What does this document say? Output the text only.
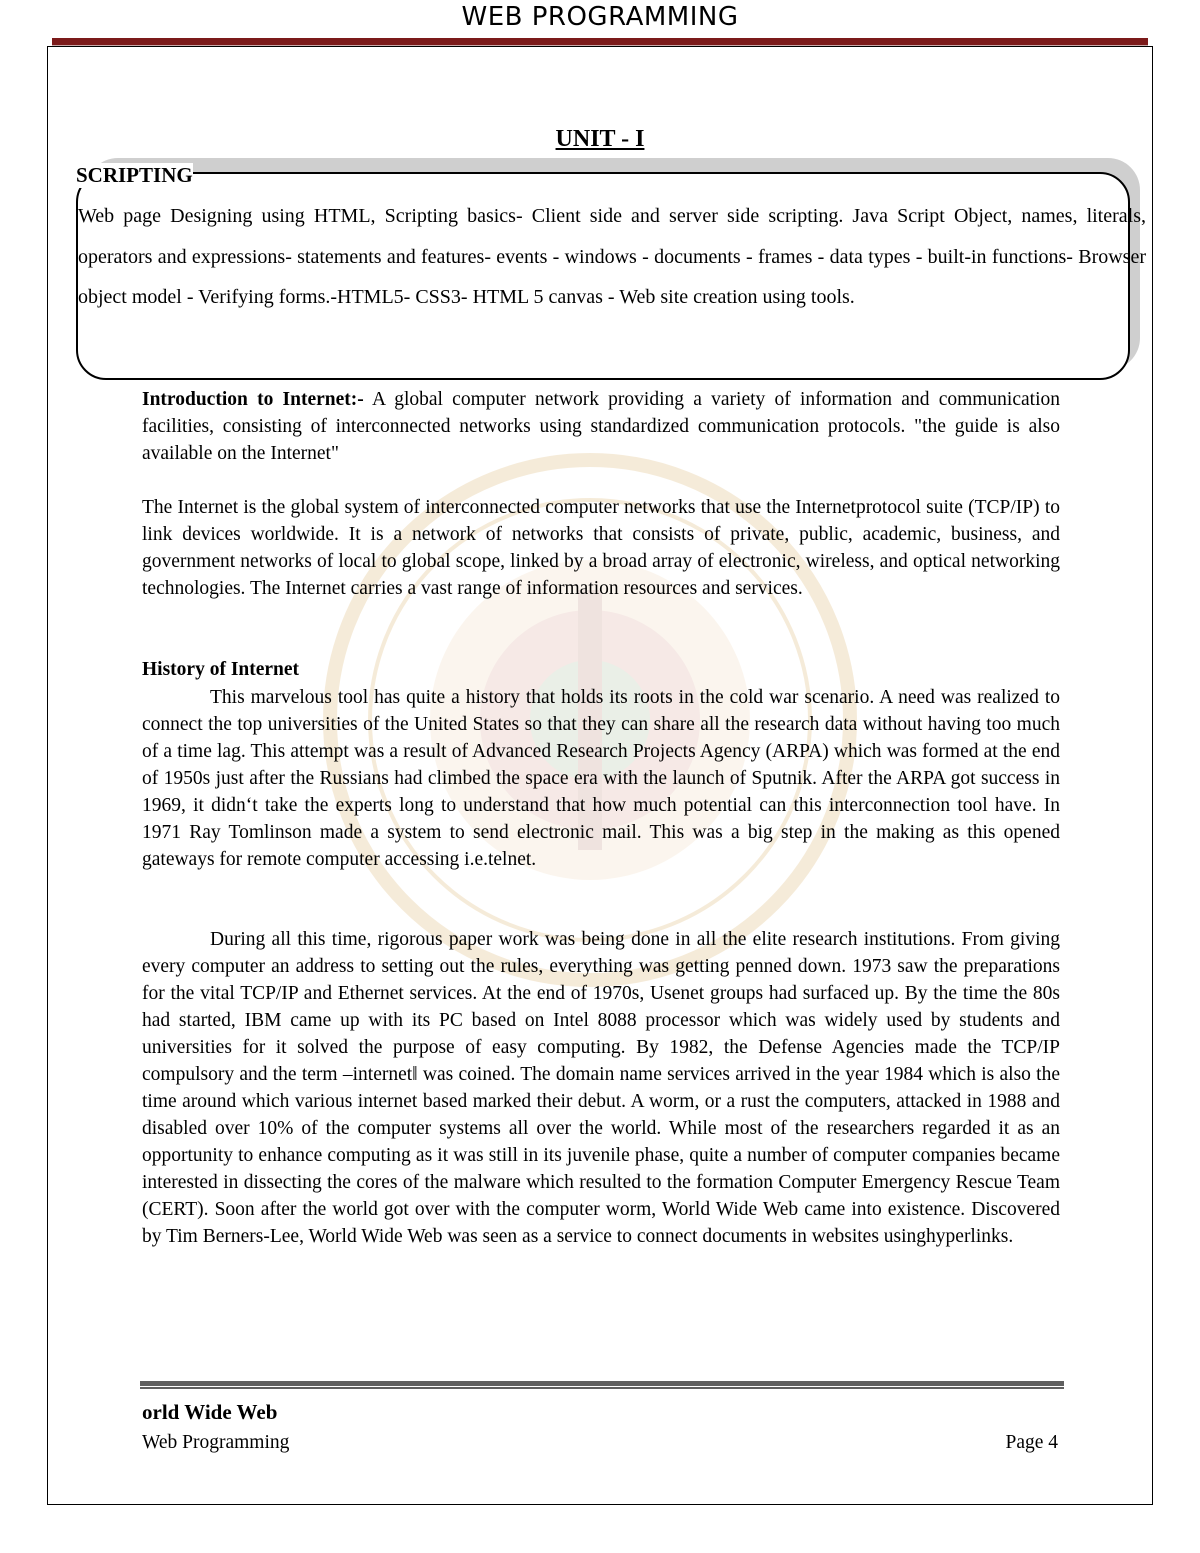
WEB PROGRAMMING
UNIT - I
SCRIPTING
Web page Designing using HTML, Scripting basics- Client side and server side scripting. Java Script Object, names, literals, operators and expressions- statements and features- events - windows - documents - frames - data types - built-in functions- Browser object model - Verifying forms.-HTML5- CSS3- HTML 5 canvas - Web site creation using tools.

Introduction to Internet:- A global computer network providing a variety of information and communication facilities, consisting of interconnected networks using standardized communication protocols. "the guide is also available on the Internet"

The Internet is the global system of interconnected computer networks that use the Internetprotocol suite (TCP/IP) to link devices worldwide. It is a network of networks that consists of private, public, academic, business, and government networks of local to global scope, linked by a broad array of electronic, wireless, and optical networking technologies. The Internet carries a vast range of information resources and services.

History of Internet

This marvelous tool has quite a history that holds its roots in the cold war scenario. A need was realized to connect the top universities of the United States so that they can share all the research data without having too much of a time lag. This attempt was a result of Advanced Research Projects Agency (ARPA) which was formed at the end of 1950s just after the Russians had climbed the space era with the launch of Sputnik. After the ARPA got success in 1969, it didn‘t take the experts long to understand that how much potential can this interconnection tool have. In 1971 Ray Tomlinson made a system to send electronic mail. This was a big step in the making as this opened gateways for remote computer accessing i.e.telnet.

During all this time, rigorous paper work was being done in all the elite research institutions. From giving every computer an address to setting out the rules, everything was getting penned down. 1973 saw the preparations for the vital TCP/IP and Ethernet services. At the end of 1970s, Usenet groups had surfaced up. By the time the 80s had started, IBM came up with its PC based on Intel 8088 processor which was widely used by students and universities for it solved the purpose of easy computing. By 1982, the Defense Agencies made the TCP/IP compulsory and the term –internet‖ was coined. The domain name services arrived in the year 1984 which is also the time around which various internet based marked their debut. A worm, or a rust the computers, attacked in 1988 and disabled over 10% of the computer systems all over the world. While most of the researchers regarded it as an opportunity to enhance computing as it was still in its juvenile phase, quite a number of computer companies became interested in dissecting the cores of the malware which resulted to the formation Computer Emergency Rescue Team (CERT). Soon after the world got over with the computer worm, World Wide Web came into existence. Discovered by Tim Berners-Lee, World Wide Web was seen as a service to connect documents in websites usinghyperlinks.

orld Wide Web
Web Programming	Page 4
